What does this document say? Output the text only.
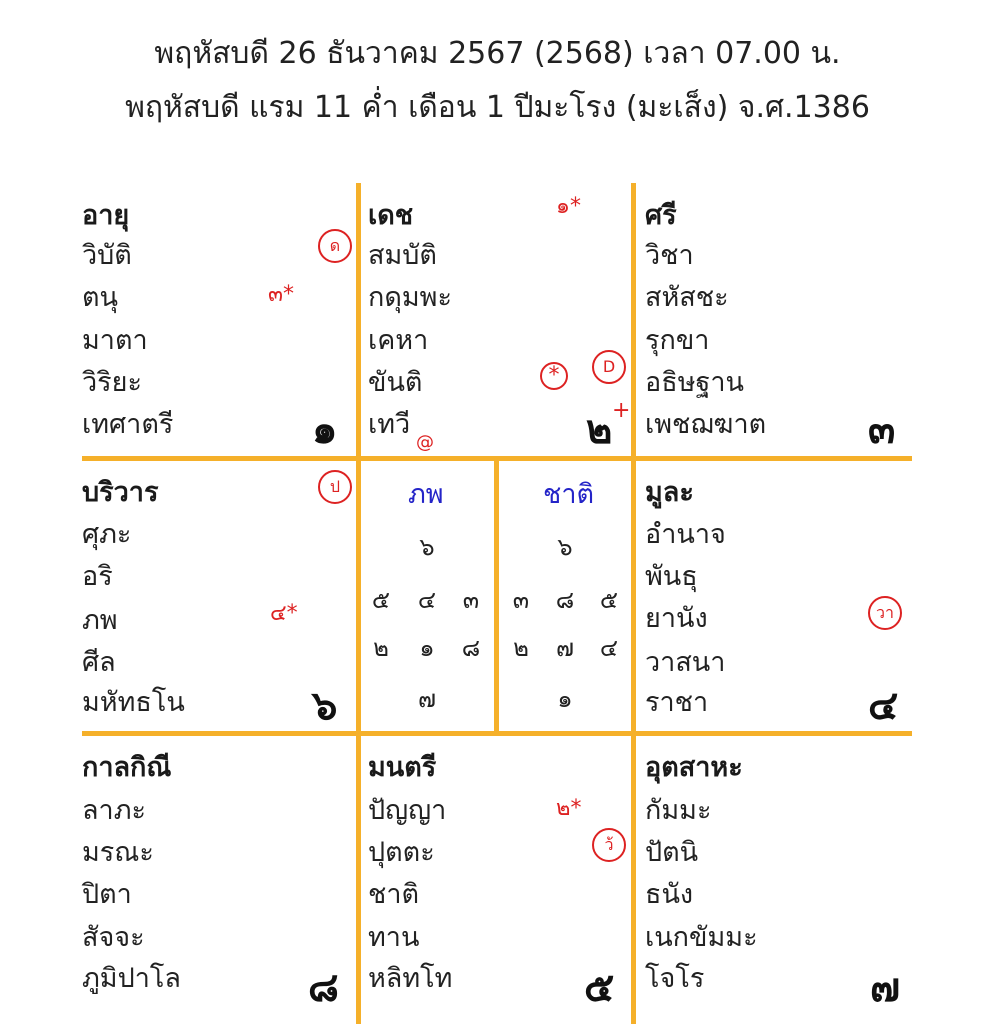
พฤหัสบดี 26 ธันวาคม 2567 (2568) เวลา 07.00 น.
พฤหัสบดี แรม 11 ค่ำ เดือน 1 ปีมะโรง (มะเส็ง) จ.ศ.1386
อายุ
วิบัติ
ตนุ
มาตา
วิริยะ
เทศาตรี	๑
ด
๓*
เดช
สมบัติ
กดุมพะ
เคหา
ขันติ
เทวี	๒
๑*
*	D
+
@
ศรี
วิชา
สหัสชะ
รุกขา
อธิษฐาน
เพชฌฆาต	๓
บริวาร
ศุภะ
อริ
ภพ
ศีล
มหัทธโน	๖
ป
๔*
ภพ
๖
๕ ๔ ๓
๒	๑	๘
๗
ชาติ
๖
๓ ๘ ๕
๒ ๗ ๔
๑
มูละ
อำนาจ
พันธุ
ยานัง
วาสนา
ราชา	๔
วา
กาลกิณี
ลาภะ
มรณะ
ปิตา
สัจจะ
ภูมิปาโล	๘
มนตรี
ปัญญา
ปุตตะ
ชาติ
ทาน
หลิทโท	๕
๒*
ว้
อุตสาหะ
กัมมะ
ปัตนิ
ธนัง
เนกขัมมะ
โจโร	๗
